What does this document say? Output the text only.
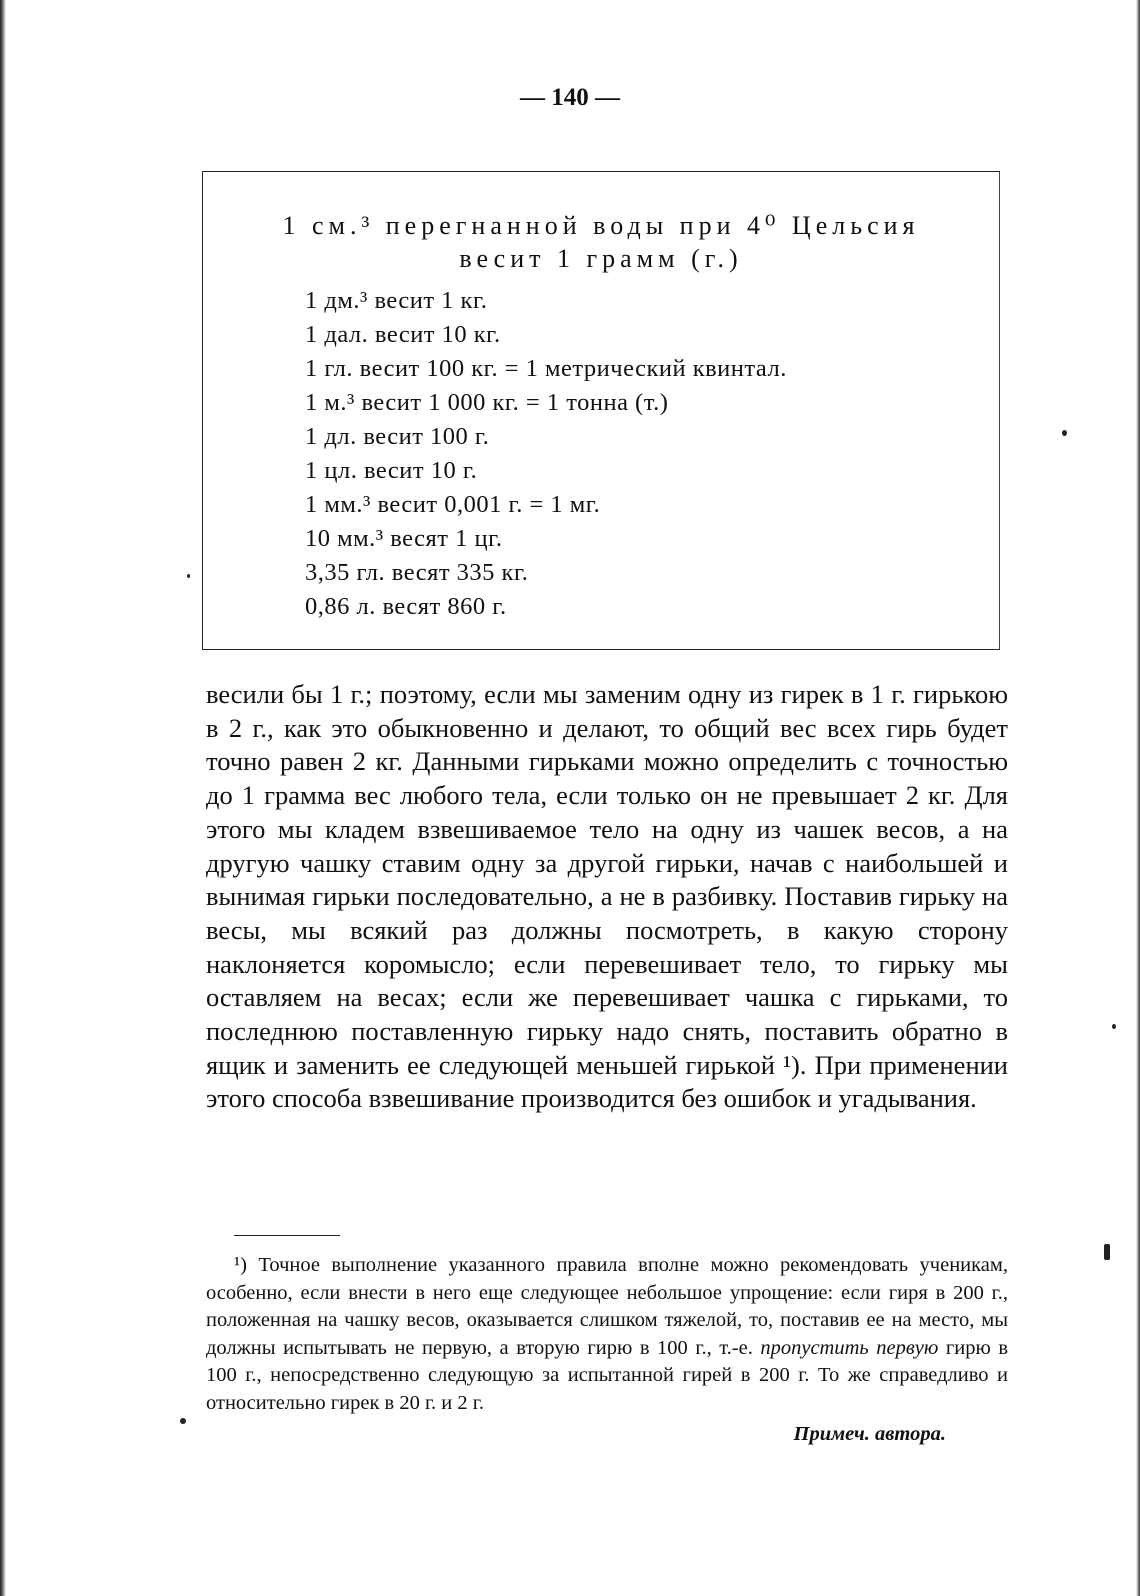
— 140 —
1 см.³ перегнанной воды при 4⁰ Цельсия
весит 1 грамм (г.)
1 дм.³ весит 1 кг.
1 дал. весит 10 кг.
1 гл. весит 100 кг. = 1 метрический квинтал.
1 м.³ весит 1 000 кг. = 1 тонна (т.)
1 дл. весит 100 г.
1 цл. весит 10 г.
1 мм.³ весит 0,001 г. = 1 мг.
10 мм.³ весят 1 цг.
3,35 гл. весят 335 кг.
0,86 л. весят 860 г.

весили бы 1 г.; поэтому, если мы заменим одну из гирек в 1 г. гирькою в 2 г., как это обыкновенно и делают, то общий вес всех гирь будет точно равен 2 кг. Данными гирьками можно определить с точностью до 1 грамма вес любого тела, если только он не превышает 2 кг. Для этого мы кладем взвешиваемое тело на одну из чашек весов, а на другую чашку ставим одну за другой гирьки, начав с наибольшей и вынимая гирьки последовательно, а не в разбивку. Поставив гирьку на весы, мы всякий раз должны посмотреть, в какую сторону наклоняется коромысло; если перевешивает тело, то гирьку мы оставляем на весах; если же перевешивает чашка с гирьками, то последнюю поставленную гирьку надо снять, поставить обратно в ящик и заменить ее следующей меньшей гирькой ¹). При применении этого способа взвешивание производится без ошибок и угадывания.

¹) Точное выполнение указанного правила вполне можно рекомендовать ученикам, особенно, если внести в него еще следующее небольшое упрощение: если гиря в 200 г., положенная на чашку весов, оказывается слишком тяжелой, то, поставив ее на место, мы должны испытывать не первую, а вторую гирю в 100 г., т.-е. пропустить первую гирю в 100 г., непосредственно следующую за испытанной гирей в 200 г. То же справедливо и относительно гирек в 20 г. и 2 г.

Примеч. автора.
